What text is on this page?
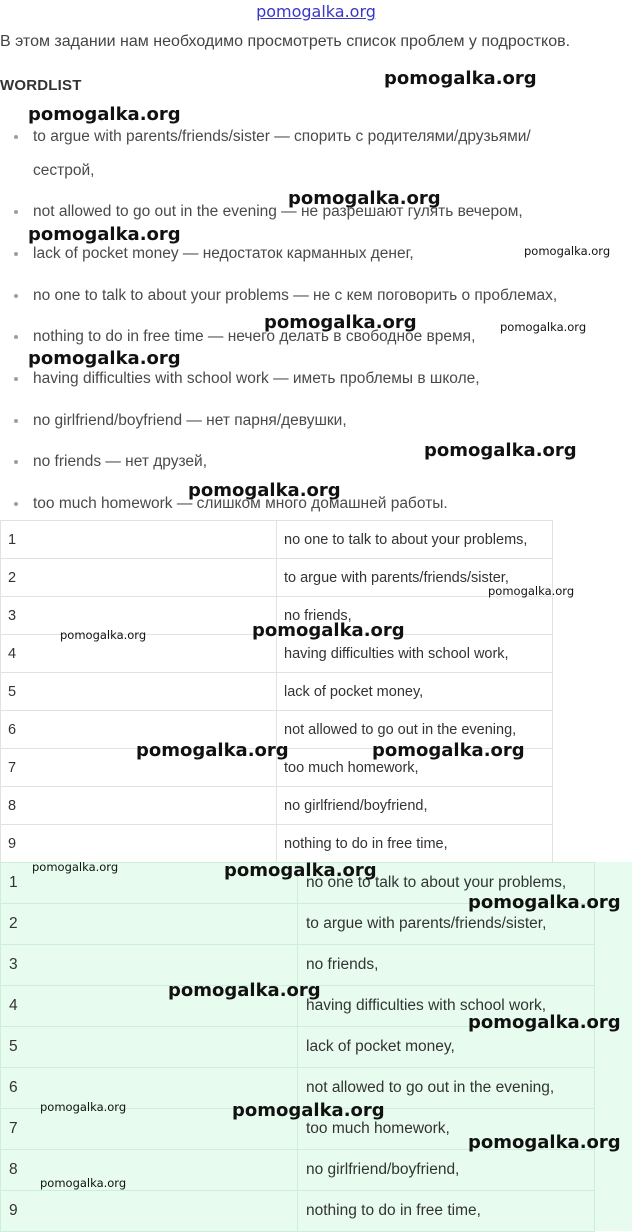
pomogalka.org
В этом задании нам необходимо просмотреть список проблем у подростков.
WORDLIST
to argue with parents/friends/sister — спорить с родителями/друзьями/
сестрой,
not allowed to go out in the evening — не разрешают гулять вечером,
lack of pocket money — недостаток карманных денег,
no one to talk to about your problems — не с кем поговорить о проблемах,
nothing to do in free time — нечего делать в свободное время,
having difficulties with school work — иметь проблемы в школе,
no girlfriend/boyfriend — нет парня/девушки,
no friends — нет друзей,
too much homework — слишком много домашней работы.
1	no one to talk to about your problems,
2	to argue with parents/friends/sister,
3	no friends,
4	having difficulties with school work,
5	lack of pocket money,
6	not allowed to go out in the evening,
7	too much homework,
8	no girlfriend/boyfriend,
9	nothing to do in free time,
1	no one to talk to about your problems,
2	to argue with parents/friends/sister,
3	no friends,
4	having difficulties with school work,
5	lack of pocket money,
6	not allowed to go out in the evening,
7	too much homework,
8	no girlfriend/boyfriend,
9	nothing to do in free time,
pomogalka.org
pomogalka.org
pomogalka.org
pomogalka.org
pomogalka.org
pomogalka.org	pomogalka.org
pomogalka.org
pomogalka.org
pomogalka.org
pomogalka.org
pomogalka.org
pomogalka.org
pomogalka.org	pomogalka.org
pomogalka.org	pomogalka.org
pomogalka.org
pomogalka.org
pomogalka.org
pomogalka.org	pomogalka.org
pomogalka.org
pomogalka.org
